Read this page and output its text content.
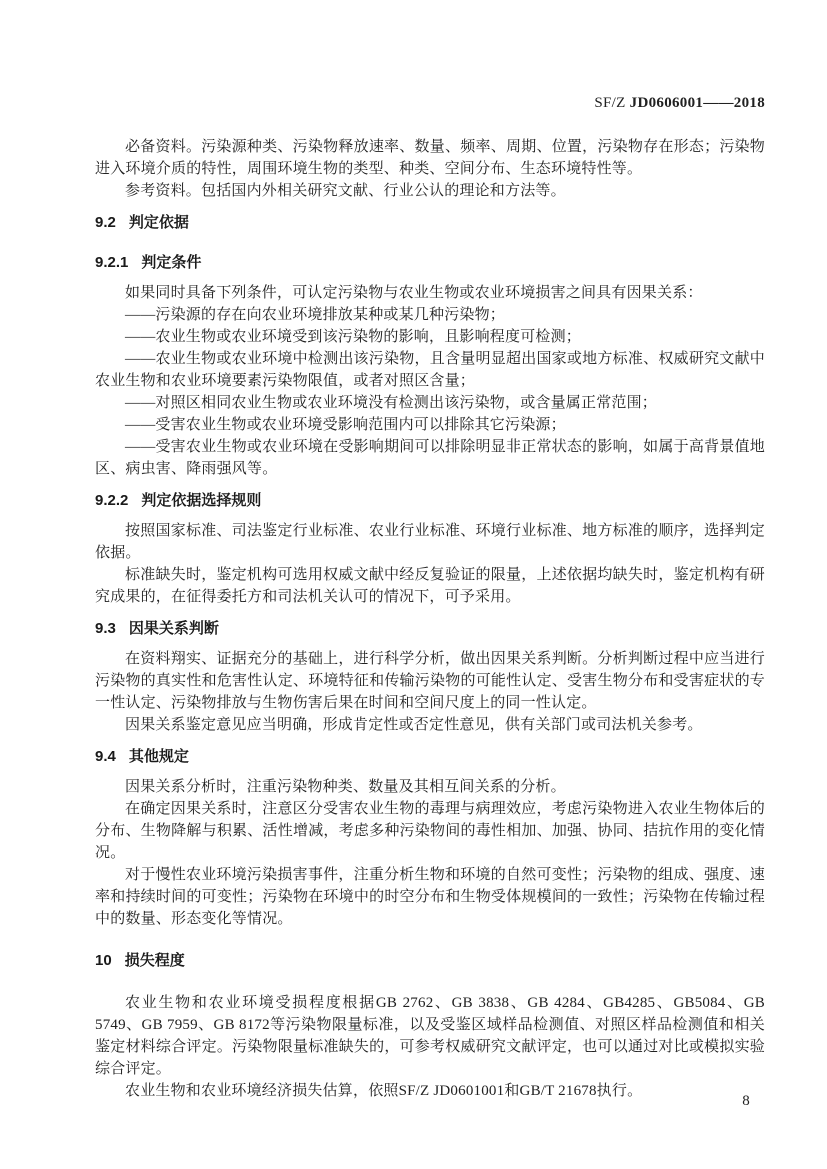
SF/Z JD0606001——2018

必备资料。污染源种类、污染物释放速率、数量、频率、周期、位置，污染物存在形态；污染物进入环境介质的特性，周围环境生物的类型、种类、空间分布、生态环境特性等。

参考资料。包括国内外相关研究文献、行业公认的理论和方法等。

9.2 判定依据
9.2.1 判定条件

如果同时具备下列条件，可认定污染物与农业生物或农业环境损害之间具有因果关系：

——污染源的存在向农业环境排放某种或某几种污染物；

——农业生物或农业环境受到该污染物的影响，且影响程度可检测；

——农业生物或农业环境中检测出该污染物，且含量明显超出国家或地方标准、权威研究文献中农业生物和农业环境要素污染物限值，或者对照区含量；

——对照区相同农业生物或农业环境没有检测出该污染物，或含量属正常范围；

——受害农业生物或农业环境受影响范围内可以排除其它污染源；

——受害农业生物或农业环境在受影响期间可以排除明显非正常状态的影响，如属于高背景值地区、病虫害、降雨强风等。

9.2.2 判定依据选择规则

按照国家标准、司法鉴定行业标准、农业行业标准、环境行业标准、地方标准的顺序，选择判定依据。

标准缺失时，鉴定机构可选用权威文献中经反复验证的限量，上述依据均缺失时，鉴定机构有研究成果的，在征得委托方和司法机关认可的情况下，可予采用。

9.3 因果关系判断

在资料翔实、证据充分的基础上，进行科学分析，做出因果关系判断。分析判断过程中应当进行污染物的真实性和危害性认定、环境特征和传输污染物的可能性认定、受害生物分布和受害症状的专一性认定、污染物排放与生物伤害后果在时间和空间尺度上的同一性认定。

因果关系鉴定意见应当明确，形成肯定性或否定性意见，供有关部门或司法机关参考。

9.4 其他规定

因果关系分析时，注重污染物种类、数量及其相互间关系的分析。

在确定因果关系时，注意区分受害农业生物的毒理与病理效应，考虑污染物进入农业生物体后的分布、生物降解与积累、活性增减，考虑多种污染物间的毒性相加、加强、协同、拮抗作用的变化情况。

对于慢性农业环境污染损害事件，注重分析生物和环境的自然可变性；污染物的组成、强度、速率和持续时间的可变性；污染物在环境中的时空分布和生物受体规模间的一致性；污染物在传输过程中的数量、形态变化等情况。

10 损失程度

农业生物和农业环境受损程度根据GB 2762、GB 3838、GB 4284、GB4285、GB5084、GB 5749、GB 7959、GB 8172等污染物限量标准，以及受鉴区域样品检测值、对照区样品检测值和相关鉴定材料综合评定。污染物限量标准缺失的，可参考权威研究文献评定，也可以通过对比或模拟实验综合评定。

农业生物和农业环境经济损失估算，依照SF/Z JD0601001和GB/T 21678执行。

8
